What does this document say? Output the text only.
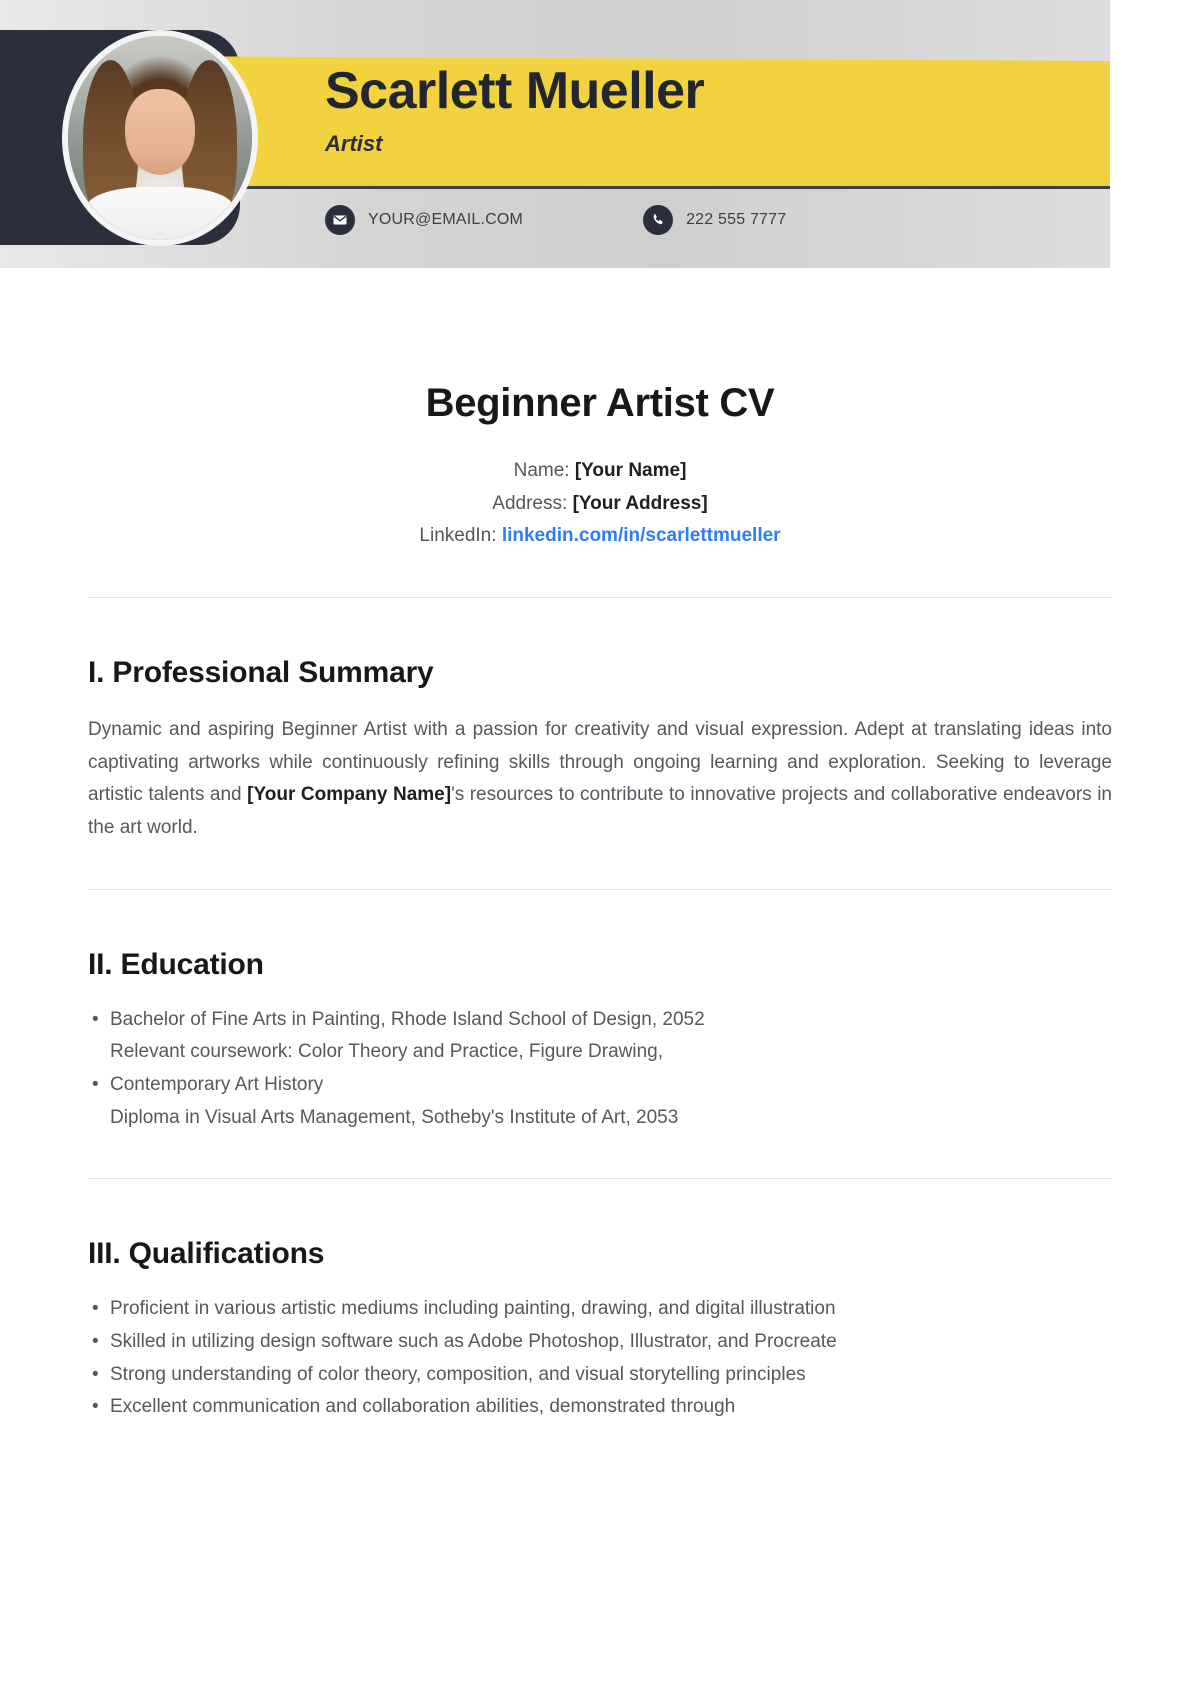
Scarlett Mueller
Artist
YOUR@EMAIL.COM	222 555 7777
Beginner Artist CV
Name: [Your Name]
Address: [Your Address]
LinkedIn: linkedin.com/in/scarlettmueller
I. Professional Summary

Dynamic and aspiring Beginner Artist with a passion for creativity and visual expression. Adept at translating ideas into captivating artworks while continuously refining skills through ongoing learning and exploration. Seeking to leverage artistic talents and [Your Company Name]'s resources to contribute to innovative projects and collaborative endeavors in the art world.

II. Education
• Bachelor of Fine Arts in Painting, Rhode Island School of Design, 2052
Relevant coursework: Color Theory and Practice, Figure Drawing,
• Contemporary Art History
Diploma in Visual Arts Management, Sotheby's Institute of Art, 2053
III. Qualifications
• Proficient in various artistic mediums including painting, drawing, and digital illustration
• Skilled in utilizing design software such as Adobe Photoshop, Illustrator, and Procreate
• Strong understanding of color theory, composition, and visual storytelling principles
• Excellent communication and collaboration abilities, demonstrated through
